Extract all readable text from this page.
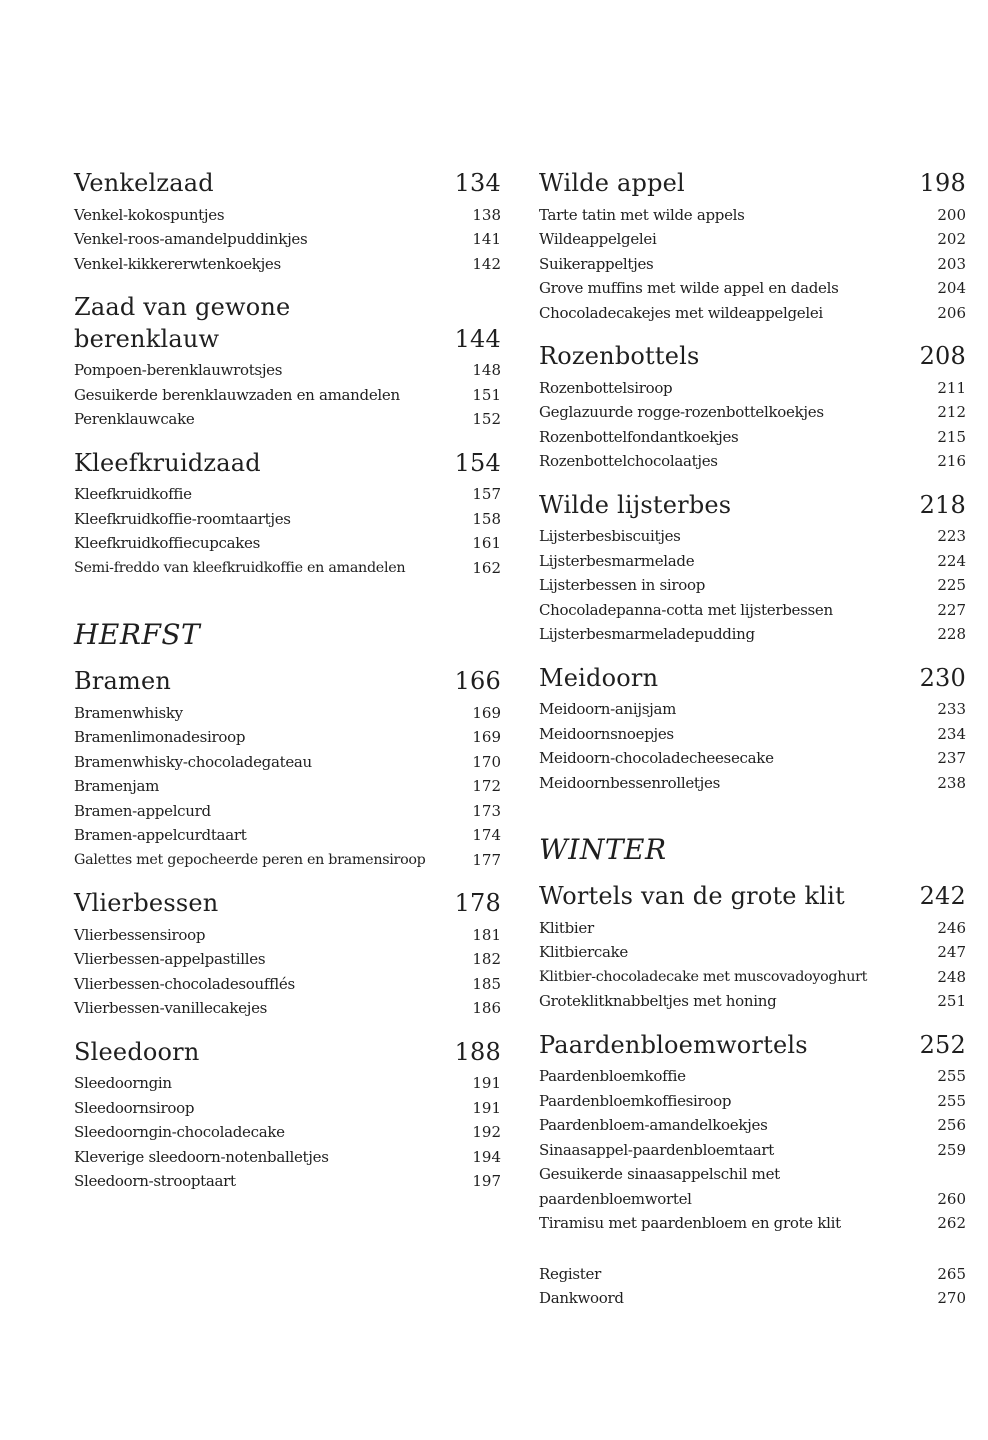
Venkelzaad	134
Venkel-kokospuntjes	138
Venkel-roos-amandelpuddinkjes	141
Venkel-kikkererwtenkoekjes	142
Zaad van gewone berenklauw	144
Pompoen-berenklauwrotsjes	148
Gesuikerde berenklauwzaden en amandelen	151
Perenklauwcake	152
Kleefkruidzaad	154
Kleefkruidkoffie	157
Kleefkruidkoffie-roomtaartjes	158
Kleefkruidkoffiecupcakes	161
Semi-freddo van kleefkruidkoffie en amandelen	162
HERFST
Bramen	166
Bramenwhisky	169
Bramenlimonadesiroop	169
Bramenwhisky-chocoladegateau	170
Bramenjam	172
Bramen-appelcurd	173
Bramen-appelcurdtaart	174
Galettes met gepocheerde peren en bramensiroop	177
Vlierbessen	178
Vlierbessensiroop	181
Vlierbessen-appelpastilles	182
Vlierbessen-chocoladesoufflés	185
Vlierbessen-vanillecakejes	186
Sleedoorn	188
Sleedoorngin	191
Sleedoornsiroop	191
Sleedoorngin-chocoladecake	192
Kleverige sleedoorn-notenballetjes	194
Sleedoorn-strooptaart	197
Wilde appel	198
Tarte tatin met wilde appels	200
Wildeappelgelei	202
Suikerappeltjes	203
Grove muffins met wilde appel en dadels	204
Chocoladecakejes met wildeappelgelei	206
Rozenbottels	208
Rozenbottelsiroop	211
Geglazuurde rogge-rozenbottelkoekjes	212
Rozenbottelfondantkoekjes	215
Rozenbottelchocolaatjes	216
Wilde lijsterbes	218
Lijsterbesbiscuitjes	223
Lijsterbesmarmelade	224
Lijsterbessen in siroop	225
Chocoladepanna-cotta met lijsterbessen	227
Lijsterbesmarmeladepudding	228
Meidoorn	230
Meidoorn-anijsjam	233
Meidoornsnoepjes	234
Meidoorn-chocoladecheesecake	237
Meidoornbessenrolletjes	238
WINTER
Wortels van de grote klit	242
Klitbier	246
Klitbiercake	247
Klitbier-chocoladecake met muscovadoyoghurt	248
Groteklitknabbeltjes met honing	251
Paardenbloemwortels	252
Paardenbloemkoffie	255
Paardenbloemkoffiesiroop	255
Paardenbloem-amandelkoekjes	256
Sinaasappel-paardenbloemtaart	259
Gesuikerde sinaasappelschil met paardenbloemwortel	260
Tiramisu met paardenbloem en grote klit	262
Register	265
Dankwoord	270
